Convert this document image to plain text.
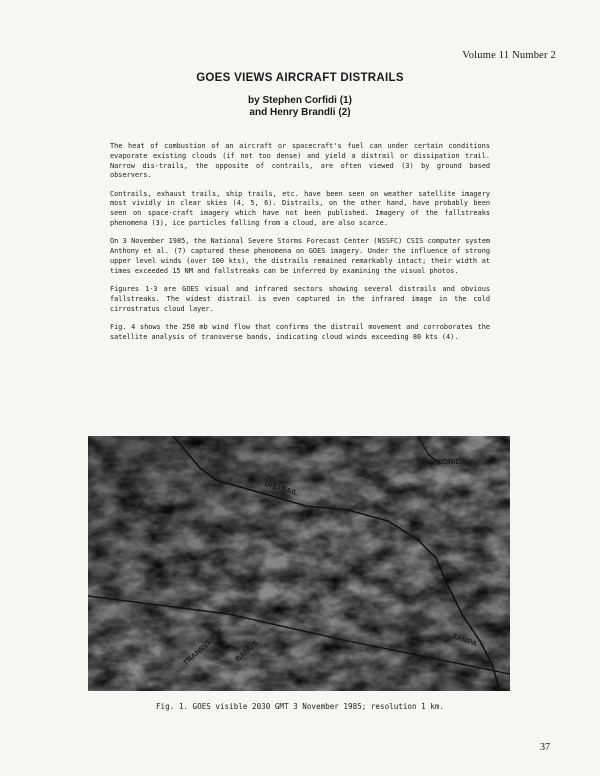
Volume 11 Number 2
GOES VIEWS AIRCRAFT DISTRAILS
by Stephen Corfidi (1)
and Henry Brandli (2)

The heat of combustion of an aircraft or spacecraft's fuel can under certain conditions evaporate existing clouds (if not too dense) and yield a distrail or dissipation trail. Narrow dis-trails, the opposite of contrails, are often viewed (3) by ground based observers.

Contrails, exhaust trails, ship trails, etc. have been seen on weather satellite imagery most vividly in clear skies (4, 5, 6). Distrails, on the other hand, have probably been seen on space-craft imagery which have not been published. Imagery of the fallstreaks phenomena (3), ice particles falling from a cloud, are also scarce.

On 3 November 1985, the National Severe Storms Forecast Center (NSSFC) CSIS computer system Anthony et al. (7) captured these phenomena on GOES imagery. Under the influence of strong upper level winds (over 100 kts), the distrails remained remarkably intact; their width at times exceeded 15 NM and fallstreaks can be inferred by examining the visual photos.

Figures 1-3 are GOES visual and infrared sectors showing several distrails and obvious fallstreaks. The widest distrail is even captured in the infrared image in the cold cirrostratus cloud layer.

Fig. 4 shows the 250 mb wind flow that confirms the distrail movement and corroborates the satellite analysis of transverse bands, indicating cloud winds exceeding 80 kts (4).

FLORIDA
DISTRAIL
TRANSVERSE BANDS	TAMPA
Fig. 1. GOES visible 2030 GMT 3 November 1985; resolution 1 km.
37
